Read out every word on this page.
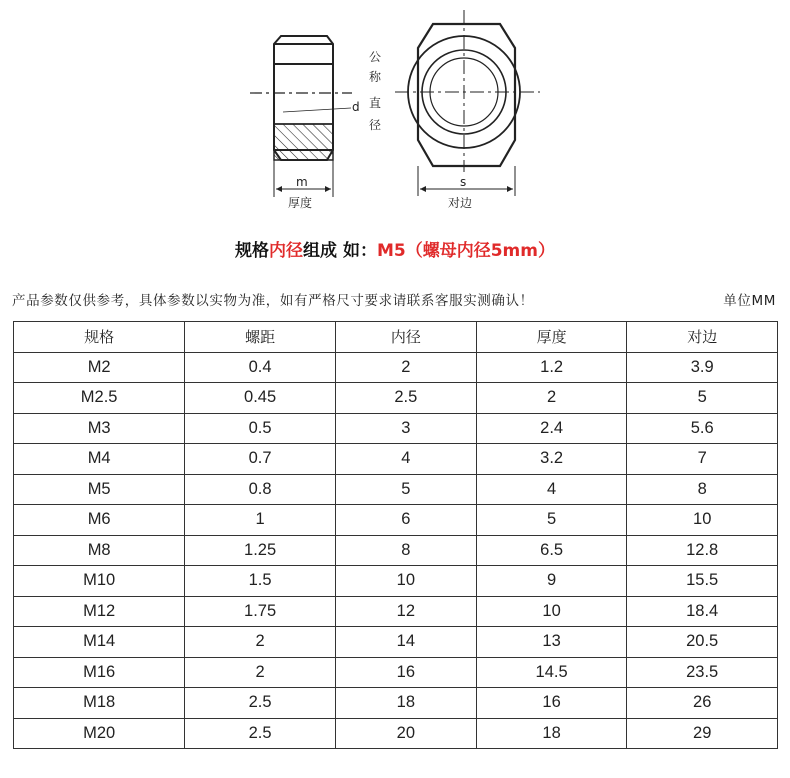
m
d
厚度
s
对边
公
称
直
径
规格内径组成 如：M5（螺母内径5mm）
产品参数仅供参考，具体参数以实物为准，如有严格尺寸要求请联系客服实测确认！	单位MM
规格	螺距	内径	厚度	对边
M2	0.4	2	1.2	3.9
M2.5	0.45	2.5	2	5
M3	0.5	3	2.4	5.6
M4	0.7	4	3.2	7
M5	0.8	5	4	8
M6	1	6	5	10
M8	1.25	8	6.5	12.8
M10	1.5	10	9	15.5
M12	1.75	12	10	18.4
M14	2	14	13	20.5
M16	2	16	14.5	23.5
M18	2.5	18	16	26
M20	2.5	20	18	29
